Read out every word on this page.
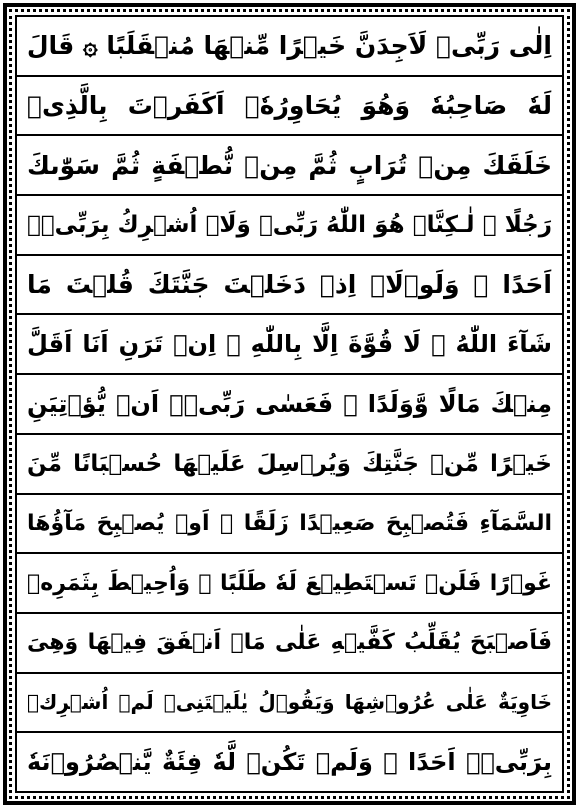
اِلٰى رَبِّىۡ لَاَجِدَنَّ خَيۡرًا مِّنۡهَا مُنۡقَلَبًا ۞ قَالَ
لَهٗ صَاحِبُهٗ وَهُوَ يُحَاوِرُهٗۤ اَكَفَرۡتَ بِالَّذِىۡ
خَلَقَكَ مِنۡ تُرَابٍ ثُمَّ مِنۡ نُّطۡفَةٍ ثُمَّ سَوّٰٮكَ
رَجُلًا ۞ لٰـكِنَّا۟ هُوَ اللّٰهُ رَبِّىۡ وَلَاۤ اُشۡرِكُ بِرَبِّىۡۤ
اَحَدًا ۞ وَلَوۡلَاۤ اِذۡ دَخَلۡتَ جَنَّتَكَ قُلۡتَ مَا
شَآءَ اللّٰهُ ۙ لَا قُوَّةَ اِلَّا بِاللّٰهِ ۚ اِنۡ تَرَنِ اَنَا اَقَلَّ
مِنۡكَ مَالًا وَّوَلَدًا ۞ فَعَسٰى رَبِّىۡۤ اَنۡ يُّؤۡتِيَنِ
خَيۡرًا مِّنۡ جَنَّتِكَ وَيُرۡسِلَ عَلَيۡهَا حُسۡبَانًا مِّنَ
السَّمَآءِ فَتُصۡبِحَ صَعِيۡدًا زَلَقًا ۞ اَوۡ يُصۡبِحَ مَآؤُهَا
غَوۡرًا فَلَنۡ تَسۡتَطِيۡعَ لَهٗ طَلَبًا ۞ وَاُحِيۡطَ بِثَمَرِهٖ
فَاَصۡبَحَ يُقَلِّبُ كَفَّيۡهِ عَلٰى مَاۤ اَنۡفَقَ فِيۡهَا وَهِىَ
خَاوِيَةٌ عَلٰى عُرُوۡشِهَا وَيَقُوۡلُ يٰلَيۡتَنِىۡ لَمۡ اُشۡرِكۡ
بِرَبِّىۡۤ اَحَدًا ۞ وَلَمۡ تَكُنۡ لَّهٗ فِئَةٌ يَّنۡصُرُوۡنَهٗ
